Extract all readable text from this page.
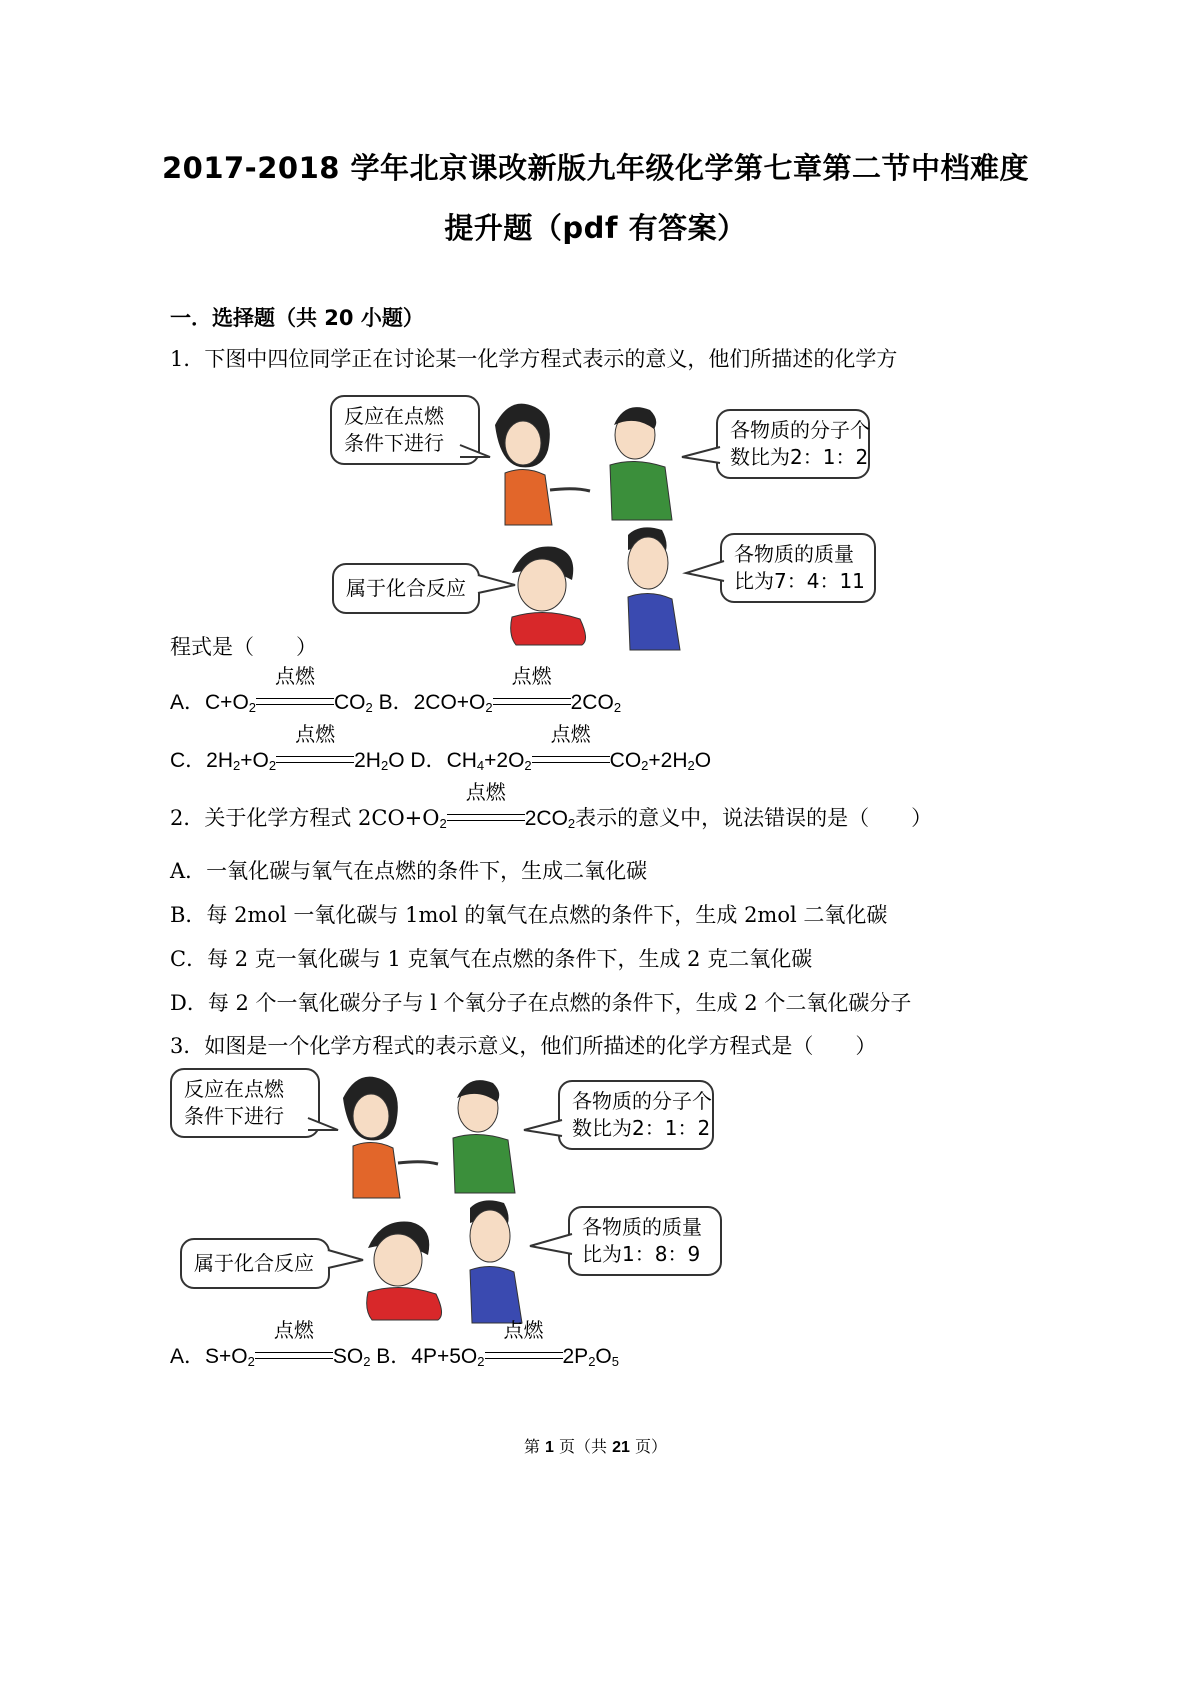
2017-2018 学年北京课改新版九年级化学第七章第二节中档难度
提升题（pdf 有答案）
一．选择题（共 20 小题）
1．下图中四位同学正在讨论某一化学方程式表示的意义，他们所描述的化学方
反应在点燃
条件下进行
各物质的分子个
数比为2：1：2
属于化合反应
各物质的质量
比为7：4：11
程式是（　　）
A．$C+O_2$
点燃
$CO_2$ B．$2CO+O_2$
点燃
$2CO_2$
C．$2H_2+O_2$
点燃
$2H_2O$ D．$CH_4+2O_2$
点燃
$CO_2+2H_2O$
2．关于化学方程式 $2CO+O_2$
点燃
$2CO_2$表示的意义中，说法错误的是（　　）
A．一氧化碳与氧气在点燃的条件下，生成二氧化碳
B．每 2mol 一氧化碳与 1mol 的氧气在点燃的条件下，生成 2mol 二氧化碳
C．每 2 克一氧化碳与 1 克氧气在点燃的条件下，生成 2 克二氧化碳
D．每 2 个一氧化碳分子与 l 个氧分子在点燃的条件下，生成 2 个二氧化碳分子
3．如图是一个化学方程式的表示意义，他们所描述的化学方程式是（　　）
反应在点燃
条件下进行
各物质的分子个
数比为2：1：2
属于化合反应
各物质的质量
比为1：8：9
A．$S+O_2$
点燃
$SO_2$ B．$4P+5O_2$
点燃
$2P_2O_5$
第 1 页（共 21 页）
